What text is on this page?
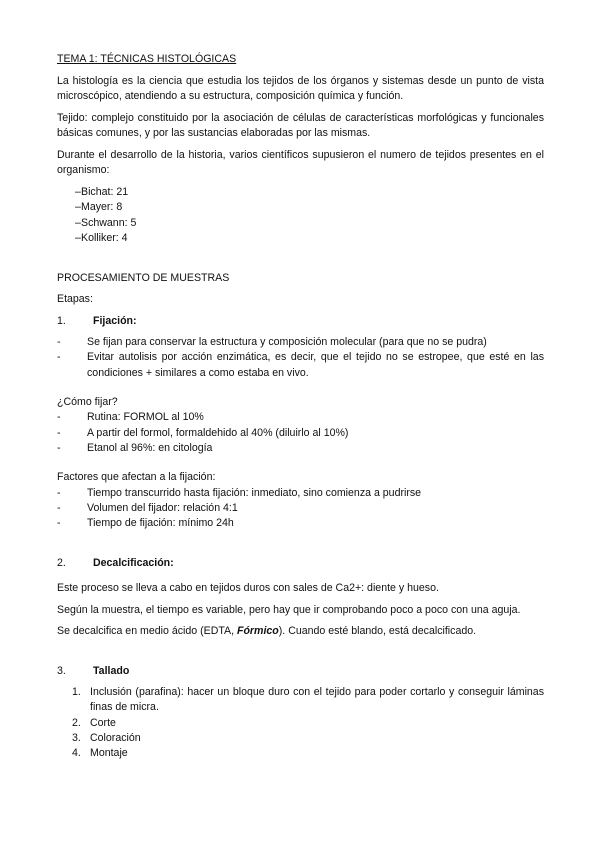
TEMA 1: TÉCNICAS HISTOLÓGICAS

La histología es la ciencia que estudia los tejidos de los órganos y sistemas desde un punto de vista microscópico, atendiendo a su estructura, composición química y función.

Tejido: complejo constituido por la asociación de células de características morfológicas y funcionales básicas comunes, y por las sustancias elaboradas por las mismas.

Durante el desarrollo de la historia, varios científicos supusieron el numero de tejidos presentes en el organismo:

–Bichat: 21
–Mayer: 8
–Schwann: 5
–Kolliker: 4

PROCESAMIENTO DE MUESTRAS

Etapas:

1.	Fijación:

- Se fijan para conservar la estructura y composición molecular (para que no se pudra)
- Evitar autolisis por acción enzimática, es decir, que el tejido no se estropee, que esté en las condiciones + similares a como estaba en vivo.

¿Cómo fijar?

- Rutina: FORMOL al 10%
- A partir del formol, formaldehido al 40% (diluirlo al 10%)
- Etanol al 96%: en citología

Factores que afectan a la fijación:

- Tiempo transcurrido hasta fijación: inmediato, sino comienza a pudrirse
- Volumen del fijador: relación 4:1
- Tiempo de fijación: mínimo 24h

2.	Decalcificación:

Este proceso se lleva a cabo en tejidos duros con sales de Ca2+: diente y hueso.

Según la muestra, el tiempo es variable, pero hay que ir comprobando poco a poco con una aguja.

Se decalcifica en medio ácido (EDTA, Fórmico). Cuando esté blando, está decalcificado.

3.	Tallado

1. Inclusión (parafina): hacer un bloque duro con el tejido para poder cortarlo y conseguir láminas finas de micra.
2. Corte
3. Coloración
4. Montaje
